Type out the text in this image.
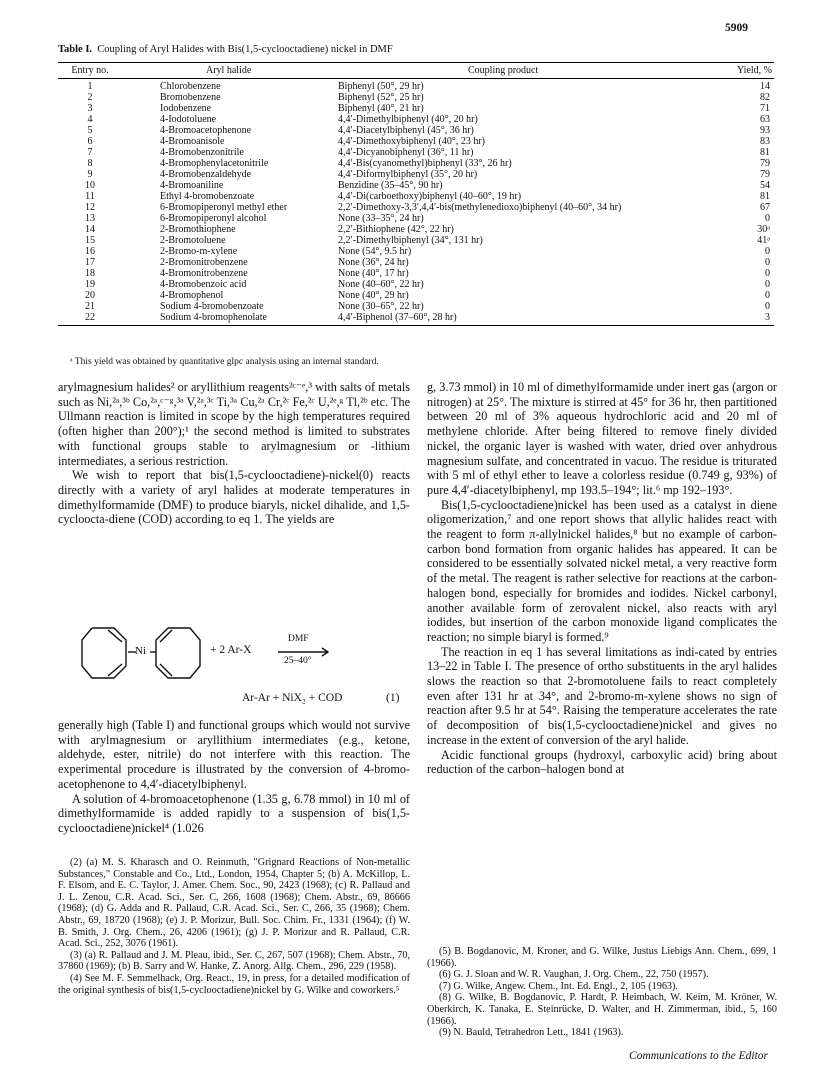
5909
Table I. Coupling of Aryl Halides with Bis(1,5-cyclooctadiene) nickel in DMF
Entry no.	Aryl halide	Coupling product	Yield, %
1	Chlorobenzene	Biphenyl (50°, 29 hr)	14
2	Bromobenzene	Biphenyl (52°, 25 hr)	82
3	Iodobenzene	Biphenyl (40°, 21 hr)	71
4	4-Iodotoluene	4,4′-Dimethylbiphenyl (40°, 20 hr)	63
5	4-Bromoacetophenone	4,4′-Diacetylbiphenyl (45°, 36 hr)	93
6	4-Bromoanisole	4,4′-Dimethoxybiphenyl (40°, 23 hr)	83
7	4-Bromobenzonitrile	4,4′-Dicyanobiphenyl (36°, 11 hr)	81
8	4-Bromophenylacetonitrile	4,4′-Bis(cyanomethyl)biphenyl (33°, 26 hr)	79
9	4-Bromobenzaldehyde	4,4′-Diformylbiphenyl (35°, 20 hr)	79
10	4-Bromoaniline	Benzidine (35–45°, 90 hr)	54
11	Ethyl 4-bromobenzoate	4,4′-Di(carboethoxy)biphenyl (40–60°, 19 hr)	81
12	6-Bromopiperonyl methyl ether	2,2′-Dimethoxy-3,3′,4,4′-bis(methylenedioxo)biphenyl (40–60°, 34 hr)	67
13	6-Bromopiperonyl alcohol	None (33–35°, 24 hr)	0
14	2-Bromothiophene	2,2′-Bithiophene (42°, 22 hr)	30ᵃ
15	2-Bromotoluene	2,2′-Dimethylbiphenyl (34°, 131 hr)	41ᵃ
16	2-Bromo-m-xylene	None (54°, 9.5 hr)	0
17	2-Bromonitrobenzene	None (36°, 24 hr)	0
18	4-Bromonitrobenzene	None (40°, 17 hr)	0
19	4-Bromobenzoic acid	None (40–60°, 22 hr)	0
20	4-Bromophenol	None (40°, 29 hr)	0
21	Sodium 4-bromobenzoate	None (30–65°, 22 hr)	0
22	Sodium 4-bromophenolate	4,4′-Biphenol (37–60°, 28 hr)	3
ᵃ This yield was obtained by quantitative glpc analysis using an internal standard.

arylmagnesium halides² or aryllithium reagents²ᶜ⁻ᵉ,³ with salts of metals such as Ni,²ᵃ,³ᵇ Co,²ᵃ,ᶜ⁻ᵍ,³ᵃ V,²ᵃ,³ᶜ Ti,³ᵃ Cu,²ᵃ Cr,²ᶜ Fe,²ᶜ U,²ᵉ,ᵍ Tl,²ᵇ etc. The Ullmann reaction is limited in scope by the high temperatures required (often higher than 200°);¹ the second method is limited to substrates with functional groups stable to arylmagnesium or -lithium intermediates, a serious restriction.

We wish to report that bis(1,5-cyclooctadiene)-nickel(0) reacts directly with a variety of aryl halides at moderate temperatures in dimethylformamide (DMF) to produce biaryls, nickel dihalide, and 1,5-cycloocta-diene (COD) according to eq 1. The yields are

Ni	+ 2 Ar-X
DMF
25–40°
Ar-Ar + NiX₂ + COD	(1)

generally high (Table I) and functional groups which would not survive with arylmagnesium or aryllithium intermediates (e.g., ketone, aldehyde, ester, nitrile) do not interfere with this reaction. The experimental procedure is illustrated by the conversion of 4-bromo-acetophenone to 4,4′-diacetylbiphenyl.

A solution of 4-bromoacetophenone (1.35 g, 6.78 mmol) in 10 ml of dimethylformamide is added rapidly to a suspension of bis(1,5-cyclooctadiene)nickel⁴ (1.026

(2) (a) M. S. Kharasch and O. Reinmuth, "Grignard Reactions of Non-metallic Substances," Constable and Co., Ltd., London, 1954, Chapter 5; (b) A. McKillop, L. F. Elsom, and E. C. Taylor, J. Amer. Chem. Soc., 90, 2423 (1968); (c) R. Pallaud and J. L. Zenou, C.R. Acad. Sci., Ser. C, 266, 1608 (1968); Chem. Abstr., 69, 86666 (1968); (d) G. Adda and R. Pallaud, C.R. Acad. Sci., Ser. C, 266, 35 (1968); Chem. Abstr., 69, 18720 (1968); (e) J. P. Morizur, Bull. Soc. Chim. Fr., 1331 (1964); (f) W. B. Smith, J. Org. Chem., 26, 4206 (1961); (g) J. P. Morizur and R. Pallaud, C.R. Acad. Sci., 252, 3076 (1961).

(3) (a) R. Pallaud and J. M. Pleau, ibid., Ser. C, 267, 507 (1968); Chem. Abstr., 70, 37860 (1969); (b) B. Sarry and W. Hanke, Z. Anorg. Allg. Chem., 296, 229 (1958).

(4) See M. F. Semmelhack, Org. React., 19, in press, for a detailed modification of the original synthesis of bis(1,5-cyclooctadiene)nickel by G. Wilke and coworkers.⁵

g, 3.73 mmol) in 10 ml of dimethylformamide under inert gas (argon or nitrogen) at 25°. The mixture is stirred at 45° for 36 hr, then partitioned between 20 ml of 3% aqueous hydrochloric acid and 20 ml of methylene chloride. After being filtered to remove finely divided nickel, the organic layer is washed with water, dried over anhydrous magnesium sulfate, and concentrated in vacuo. The residue is triturated with 5 ml of ethyl ether to leave a colorless residue (0.749 g, 93%) of pure 4,4′-diacetylbiphenyl, mp 193.5–194°; lit.⁶ mp 192–193°.

Bis(1,5-cyclooctadiene)nickel has been used as a catalyst in diene oligomerization,⁷ and one report shows that allylic halides react with the reagent to form π-allylnickel halides,⁸ but no example of carbon-carbon bond formation from organic halides has appeared. It can be considered to be essentially solvated nickel metal, a very reactive form of the metal. The reagent is rather selective for reactions at the carbon-halogen bond, especially for bromides and iodides. Nickel carbonyl, another available form of zerovalent nickel, also reacts with aryl iodides, but insertion of the carbon monoxide ligand complicates the reaction; no simple biaryl is formed.⁹

The reaction in eq 1 has several limitations as indi-cated by entries 13–22 in Table I. The presence of ortho substituents in the aryl halides slows the reaction so that 2-bromotoluene fails to react completely even after 131 hr at 34°, and 2-bromo-m-xylene shows no sign of reaction after 9.5 hr at 54°. Raising the temperature accelerates the rate of decomposition of bis(1,5-cyclooctadiene)nickel and gives no increase in the extent of conversion of the aryl halide.

Acidic functional groups (hydroxyl, carboxylic acid) bring about reduction of the carbon–halogen bond at

(5) B. Bogdanovic, M. Kroner, and G. Wilke, Justus Liebigs Ann. Chem., 699, 1 (1966).

(6) G. J. Sloan and W. R. Vaughan, J. Org. Chem., 22, 750 (1957).

(7) G. Wilke, Angew. Chem., Int. Ed. Engl., 2, 105 (1963).

(8) G. Wilke, B. Bogdanovic, P. Hardt, P. Heimbach, W. Keim, M. Kröner, W. Oberkirch, K. Tanaka, E. Steinrücke, D. Walter, and H. Zimmerman, ibid., 5, 160 (1966).

(9) N. Bauld, Tetrahedron Lett., 1841 (1963).

Communications to the Editor
